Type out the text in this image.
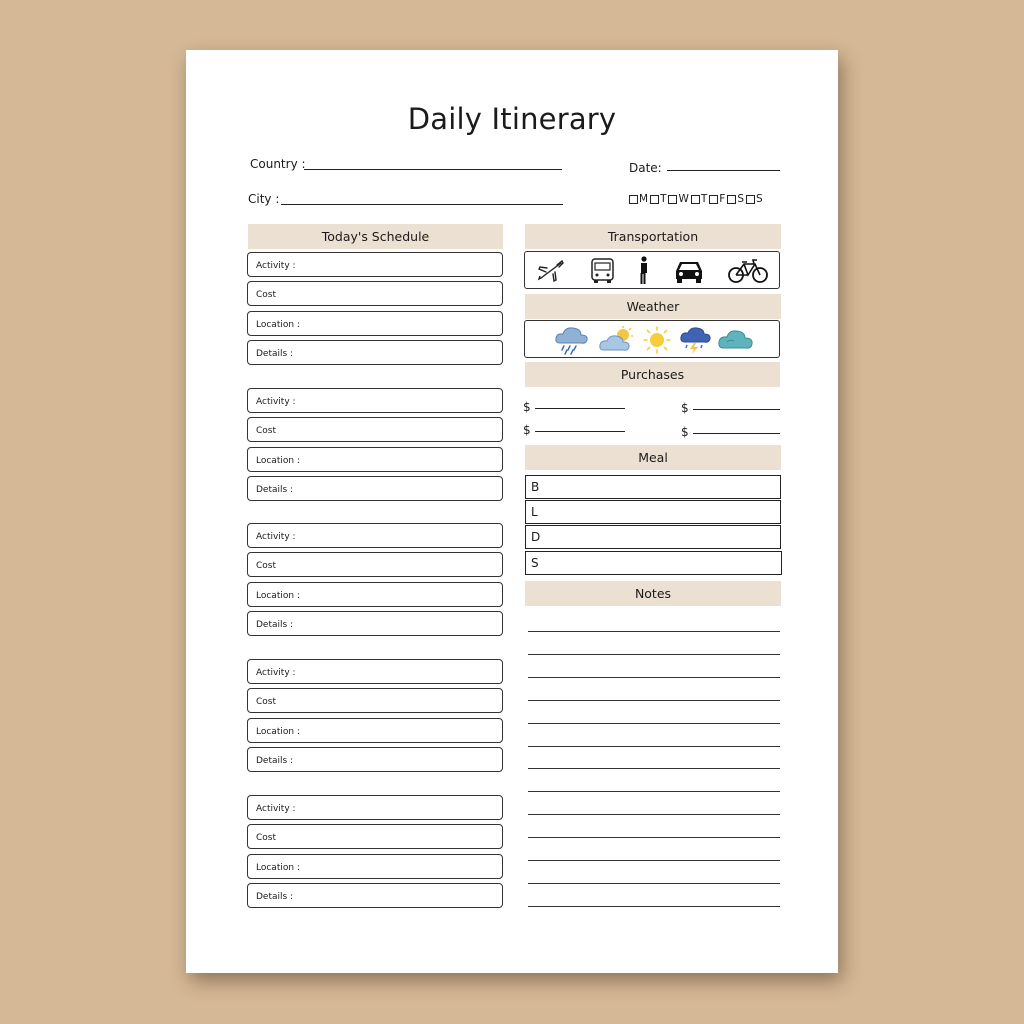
Daily Itinerary
Country :
City :
Date:
M T W T F S S
Today's Schedule
Activity :
Cost
Location :
Details :
Activity :
Cost
Location :
Details :
Activity :
Cost
Location :
Details :
Activity :
Cost
Location :
Details :
Activity :
Cost
Location :
Details :
Transportation
Weather
Purchases
$	$
$	$
Meal
B
L
D
S
Notes
